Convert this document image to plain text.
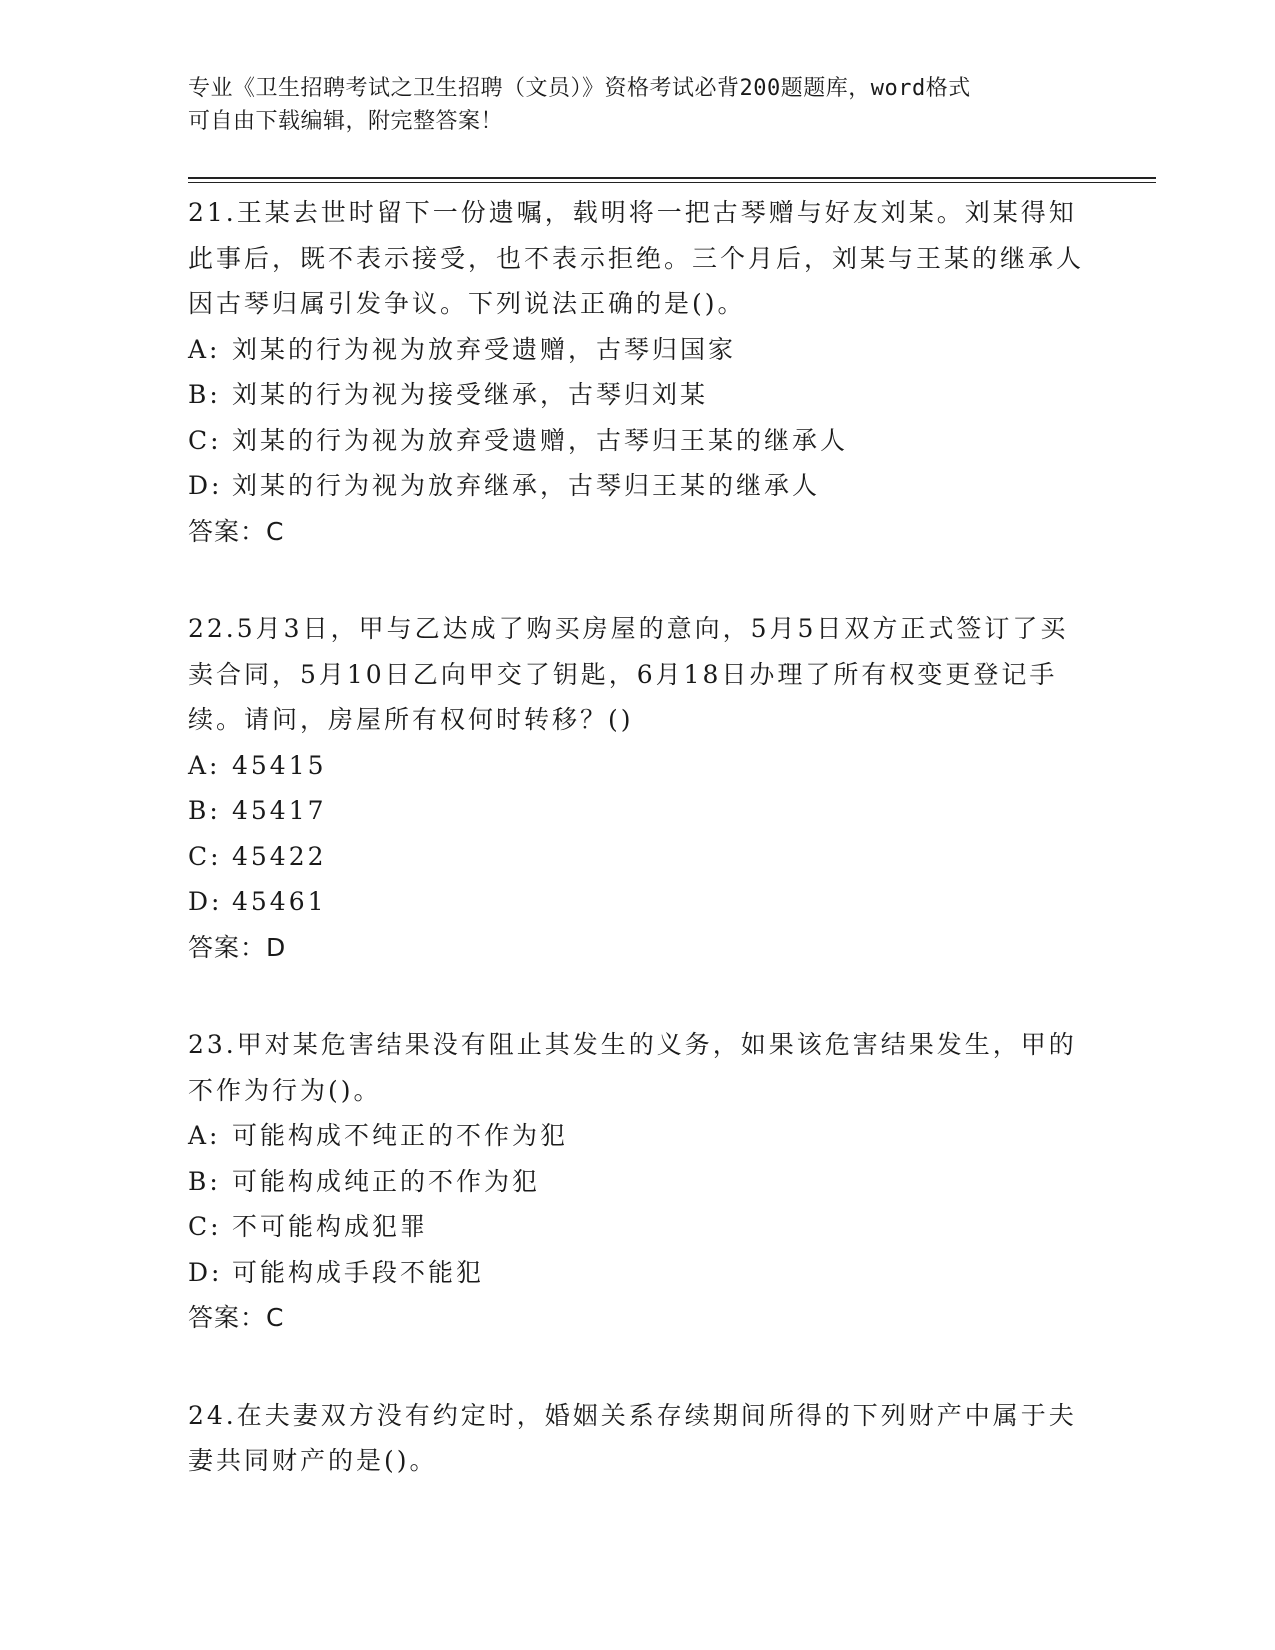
专业《卫生招聘考试之卫生招聘（文员）》资格考试必背200题题库，word格式
可自由下载编辑，附完整答案！

21.王某去世时留下一份遗嘱，载明将一把古琴赠与好友刘某。刘某得知此事后，既不表示接受，也不表示拒绝。三个月后，刘某与王某的继承人因古琴归属引发争议。下列说法正确的是()。

A: 刘某的行为视为放弃受遗赠，古琴归国家

B: 刘某的行为视为接受继承，古琴归刘某

C: 刘某的行为视为放弃受遗赠，古琴归王某的继承人

D: 刘某的行为视为放弃继承，古琴归王某的继承人

答案：C

22.5月3日，甲与乙达成了购买房屋的意向，5月5日双方正式签订了买卖合同，5月10日乙向甲交了钥匙，6月18日办理了所有权变更登记手续。请问，房屋所有权何时转移？()

A: 45415

B: 45417

C: 45422

D: 45461

答案：D

23.甲对某危害结果没有阻止其发生的义务，如果该危害结果发生，甲的不作为行为()。

A: 可能构成不纯正的不作为犯

B: 可能构成纯正的不作为犯

C: 不可能构成犯罪

D: 可能构成手段不能犯

答案：C

24.在夫妻双方没有约定时，婚姻关系存续期间所得的下列财产中属于夫妻共同财产的是()。
